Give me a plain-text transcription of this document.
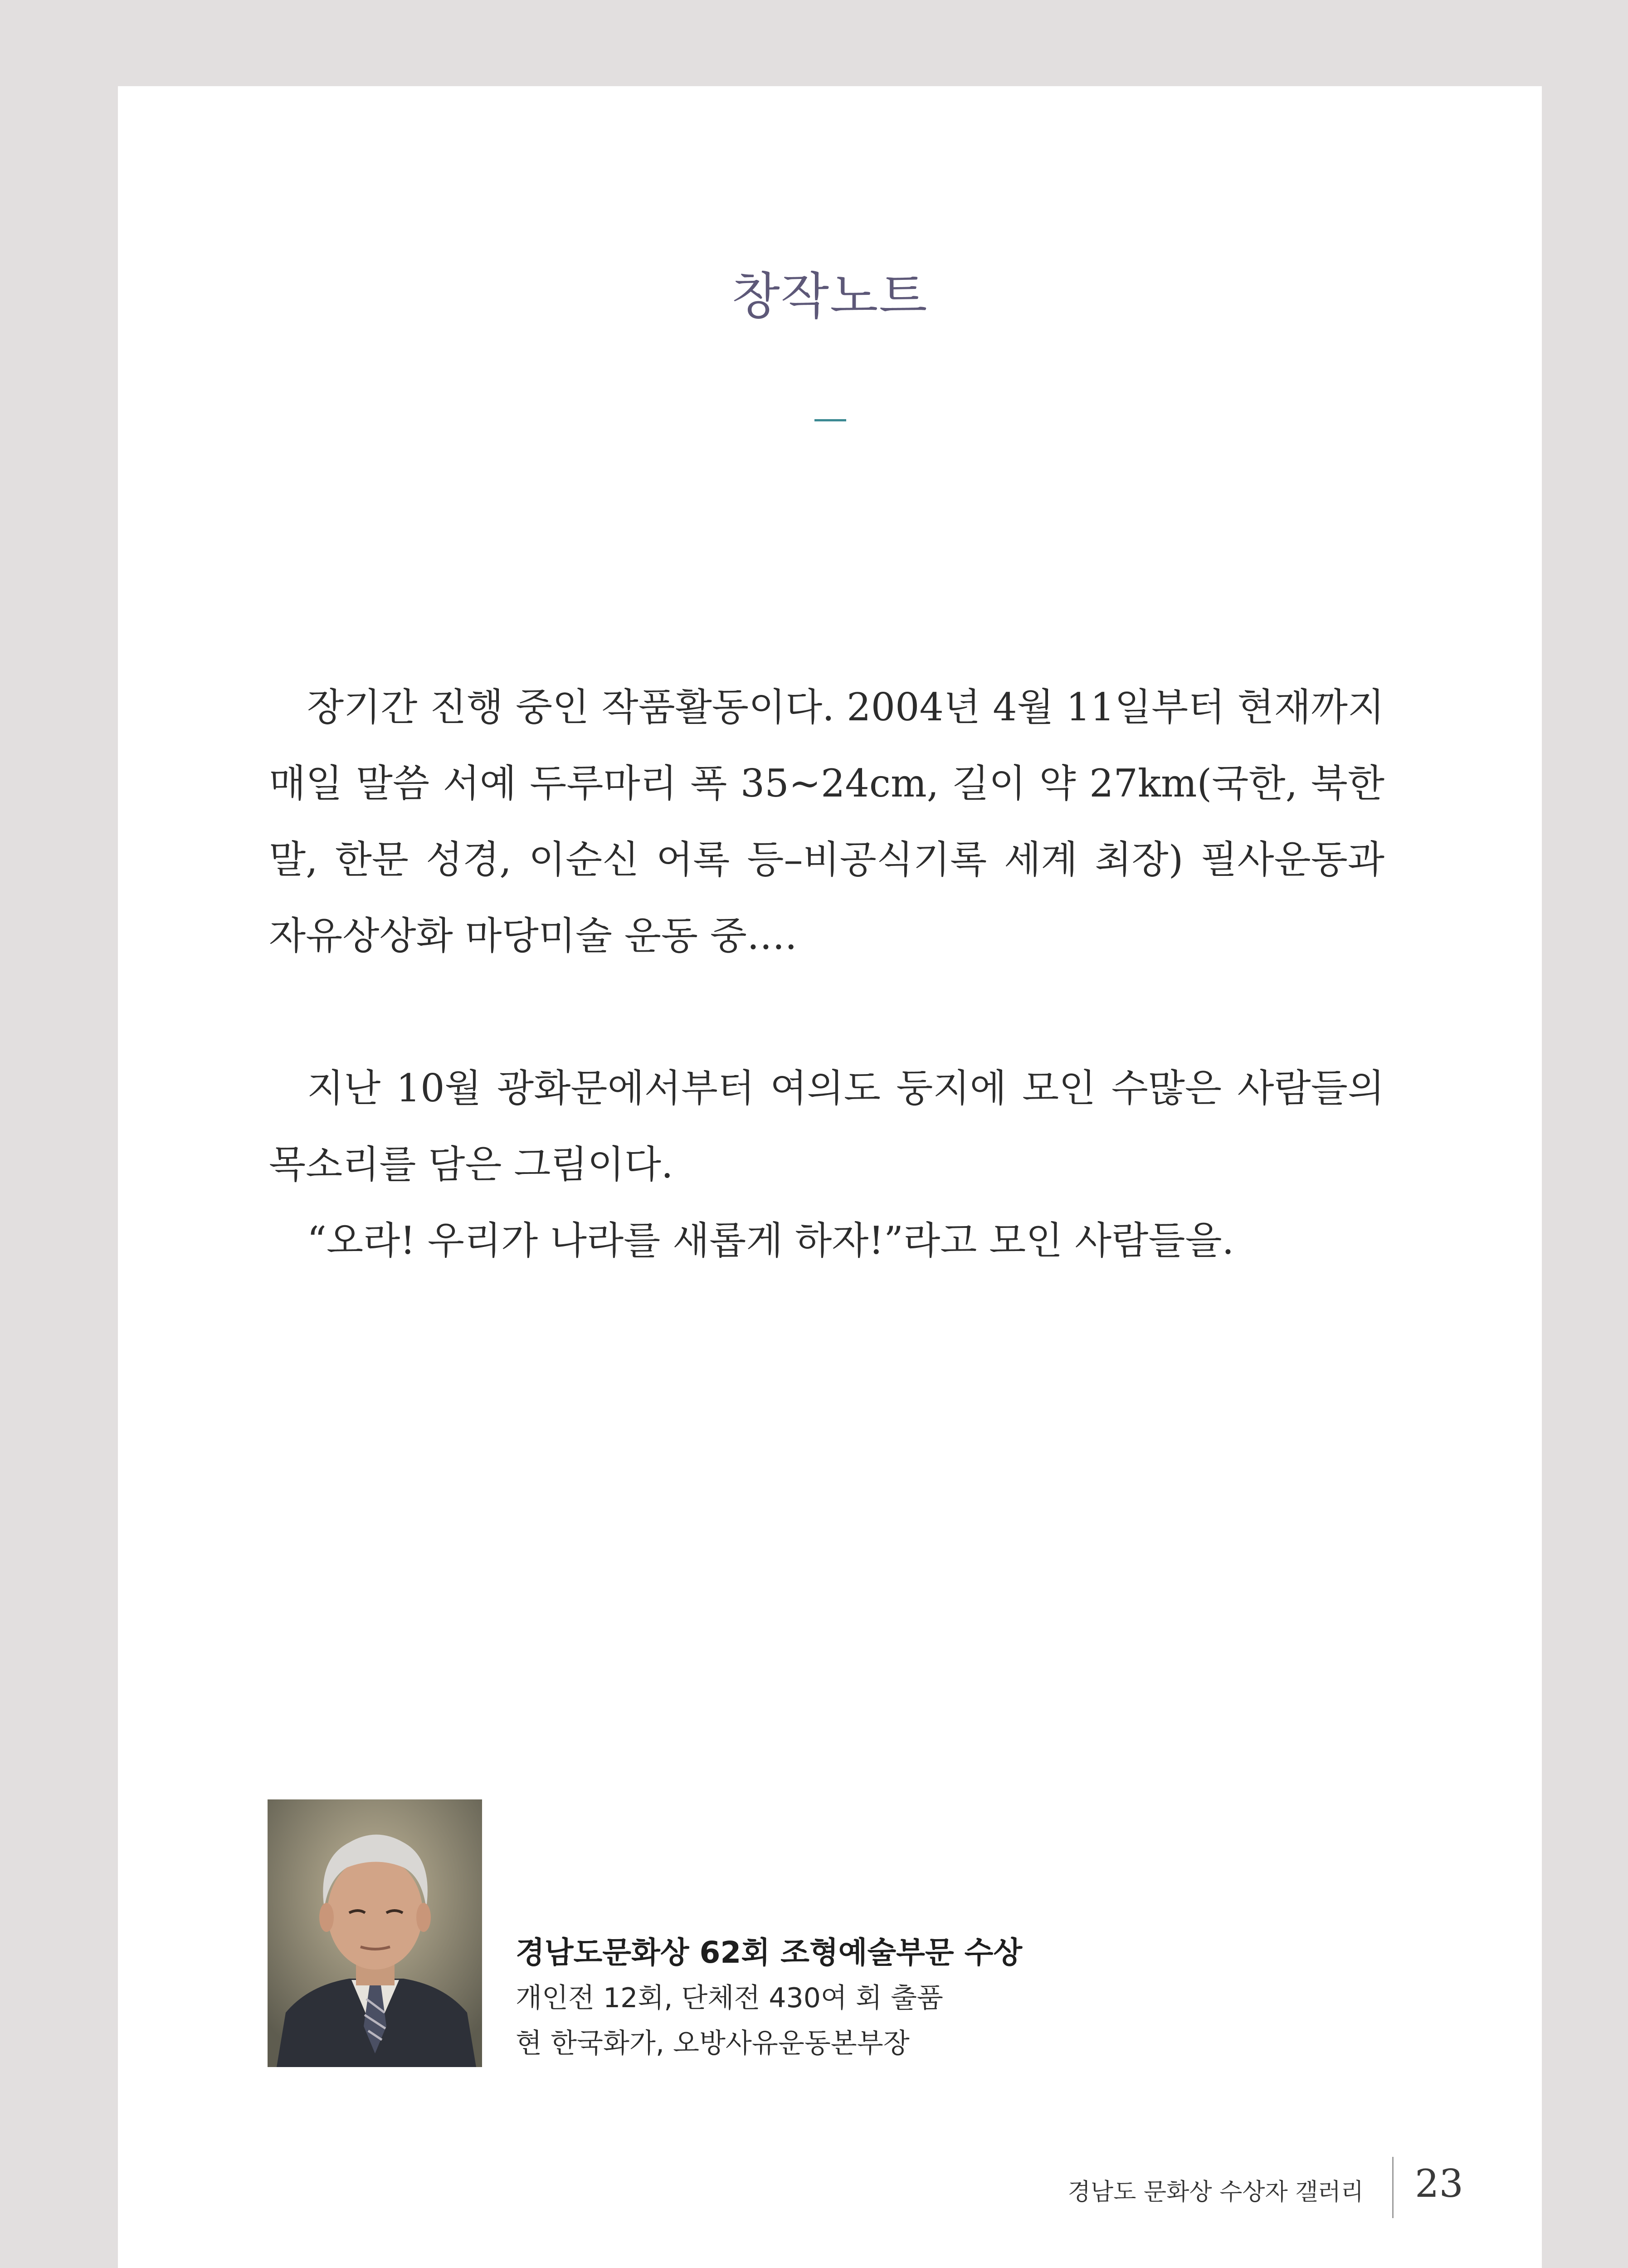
창작노트

장기간 진행 중인 작품활동이다. 2004년 4월 11일부터 현재까지 매일 말씀 서예 두루마리 폭 35~24cm, 길이 약 27km(국한, 북한말, 한문 성경, 이순신 어록 등–비공식기록 세계 최장) 필사운동과 자유상상화 마당미술 운동 중….

지난 10월 광화문에서부터 여의도 둥지에 모인 수많은 사람들의 목소리를 담은 그림이다.

“오라! 우리가 나라를 새롭게 하자!”라고 모인 사람들을.

경남도문화상 62회 조형예술부문 수상

개인전 12회, 단체전 430여 회 출품

현 한국화가, 오방사유운동본부장

경남도 문화상 수상자 갤러리 23
